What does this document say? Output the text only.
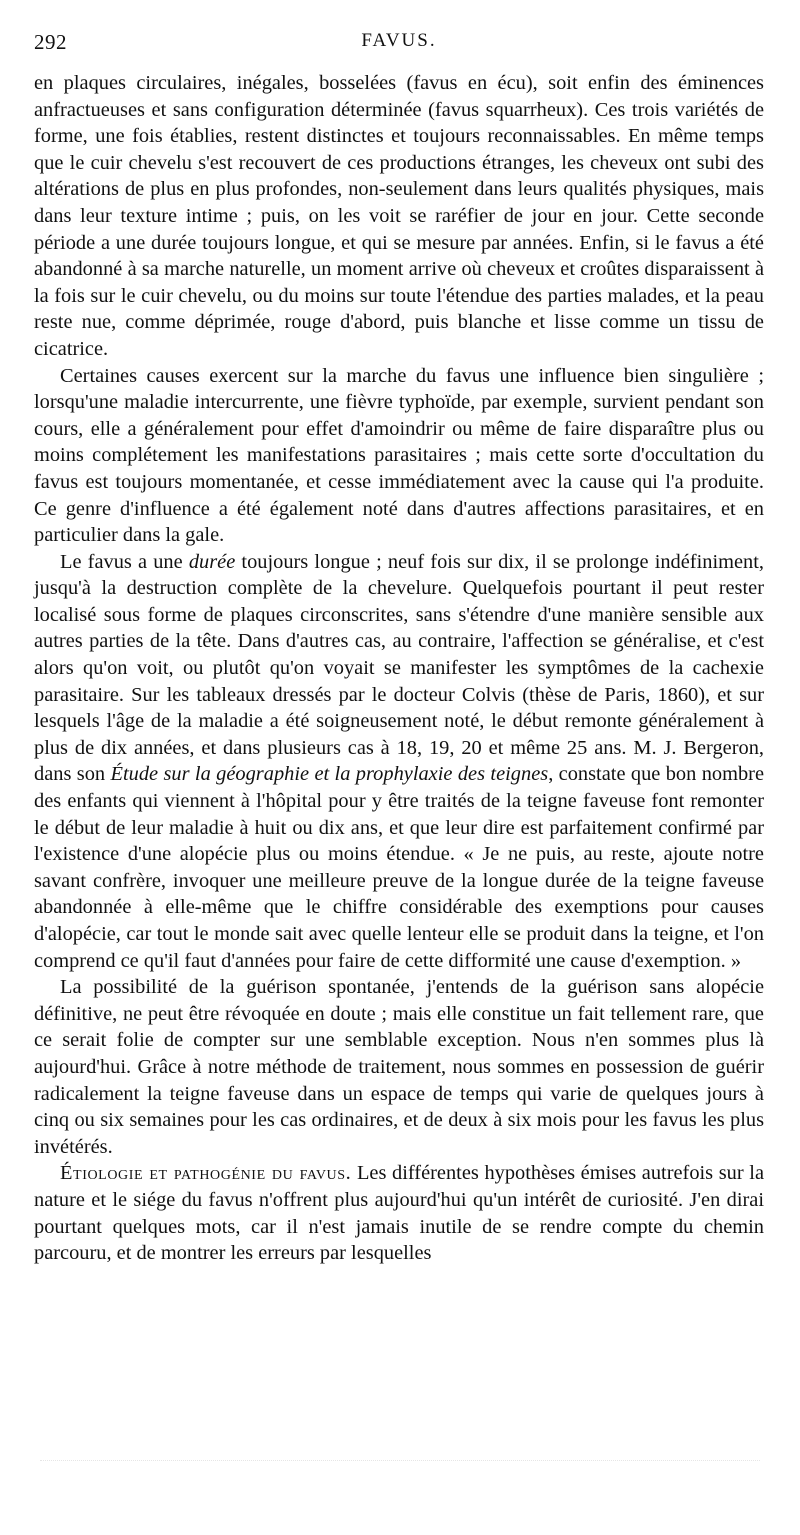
292	FAVUS.

en plaques circulaires, inégales, bosselées (favus en écu), soit enfin des éminences anfractueuses et sans configuration déterminée (favus squarrheux). Ces trois variétés de forme, une fois établies, restent distinctes et toujours reconnaissables. En même temps que le cuir chevelu s'est recouvert de ces productions étranges, les cheveux ont subi des altérations de plus en plus profondes, non-seulement dans leurs qualités physiques, mais dans leur texture intime ; puis, on les voit se raréfier de jour en jour. Cette seconde période a une durée toujours longue, et qui se mesure par années. Enfin, si le favus a été abandonné à sa marche naturelle, un moment arrive où cheveux et croûtes disparaissent à la fois sur le cuir chevelu, ou du moins sur toute l'étendue des parties malades, et la peau reste nue, comme déprimée, rouge d'abord, puis blanche et lisse comme un tissu de cicatrice.

Certaines causes exercent sur la marche du favus une influence bien singulière ; lorsqu'une maladie intercurrente, une fièvre typhoïde, par exemple, survient pendant son cours, elle a généralement pour effet d'amoindrir ou même de faire disparaître plus ou moins complétement les manifestations parasitaires ; mais cette sorte d'occultation du favus est toujours momentanée, et cesse immédiatement avec la cause qui l'a produite. Ce genre d'influence a été également noté dans d'autres affections parasitaires, et en particulier dans la gale.

Le favus a une durée toujours longue ; neuf fois sur dix, il se prolonge indéfiniment, jusqu'à la destruction complète de la chevelure. Quelquefois pourtant il peut rester localisé sous forme de plaques circonscrites, sans s'étendre d'une manière sensible aux autres parties de la tête. Dans d'autres cas, au contraire, l'affection se généralise, et c'est alors qu'on voit, ou plutôt qu'on voyait se manifester les symptômes de la cachexie parasitaire. Sur les tableaux dressés par le docteur Colvis (thèse de Paris, 1860), et sur lesquels l'âge de la maladie a été soigneusement noté, le début remonte généralement à plus de dix années, et dans plusieurs cas à 18, 19, 20 et même 25 ans. M. J. Bergeron, dans son Étude sur la géographie et la prophylaxie des teignes, constate que bon nombre des enfants qui viennent à l'hôpital pour y être traités de la teigne faveuse font remonter le début de leur maladie à huit ou dix ans, et que leur dire est parfaitement confirmé par l'existence d'une alopécie plus ou moins étendue. « Je ne puis, au reste, ajoute notre savant confrère, invoquer une meilleure preuve de la longue durée de la teigne faveuse abandonnée à elle-même que le chiffre considérable des exemptions pour causes d'alopécie, car tout le monde sait avec quelle lenteur elle se produit dans la teigne, et l'on comprend ce qu'il faut d'années pour faire de cette difformité une cause d'exemption. »

La possibilité de la guérison spontanée, j'entends de la guérison sans alopécie définitive, ne peut être révoquée en doute ; mais elle constitue un fait tellement rare, que ce serait folie de compter sur une semblable exception. Nous n'en sommes plus là aujourd'hui. Grâce à notre méthode de traitement, nous sommes en possession de guérir radicalement la teigne faveuse dans un espace de temps qui varie de quelques jours à cinq ou six semaines pour les cas ordinaires, et de deux à six mois pour les favus les plus invétérés.

Étiologie et pathogénie du favus. Les différentes hypothèses émises autrefois sur la nature et le siége du favus n'offrent plus aujourd'hui qu'un intérêt de curiosité. J'en dirai pourtant quelques mots, car il n'est jamais inutile de se rendre compte du chemin parcouru, et de montrer les erreurs par lesquelles
